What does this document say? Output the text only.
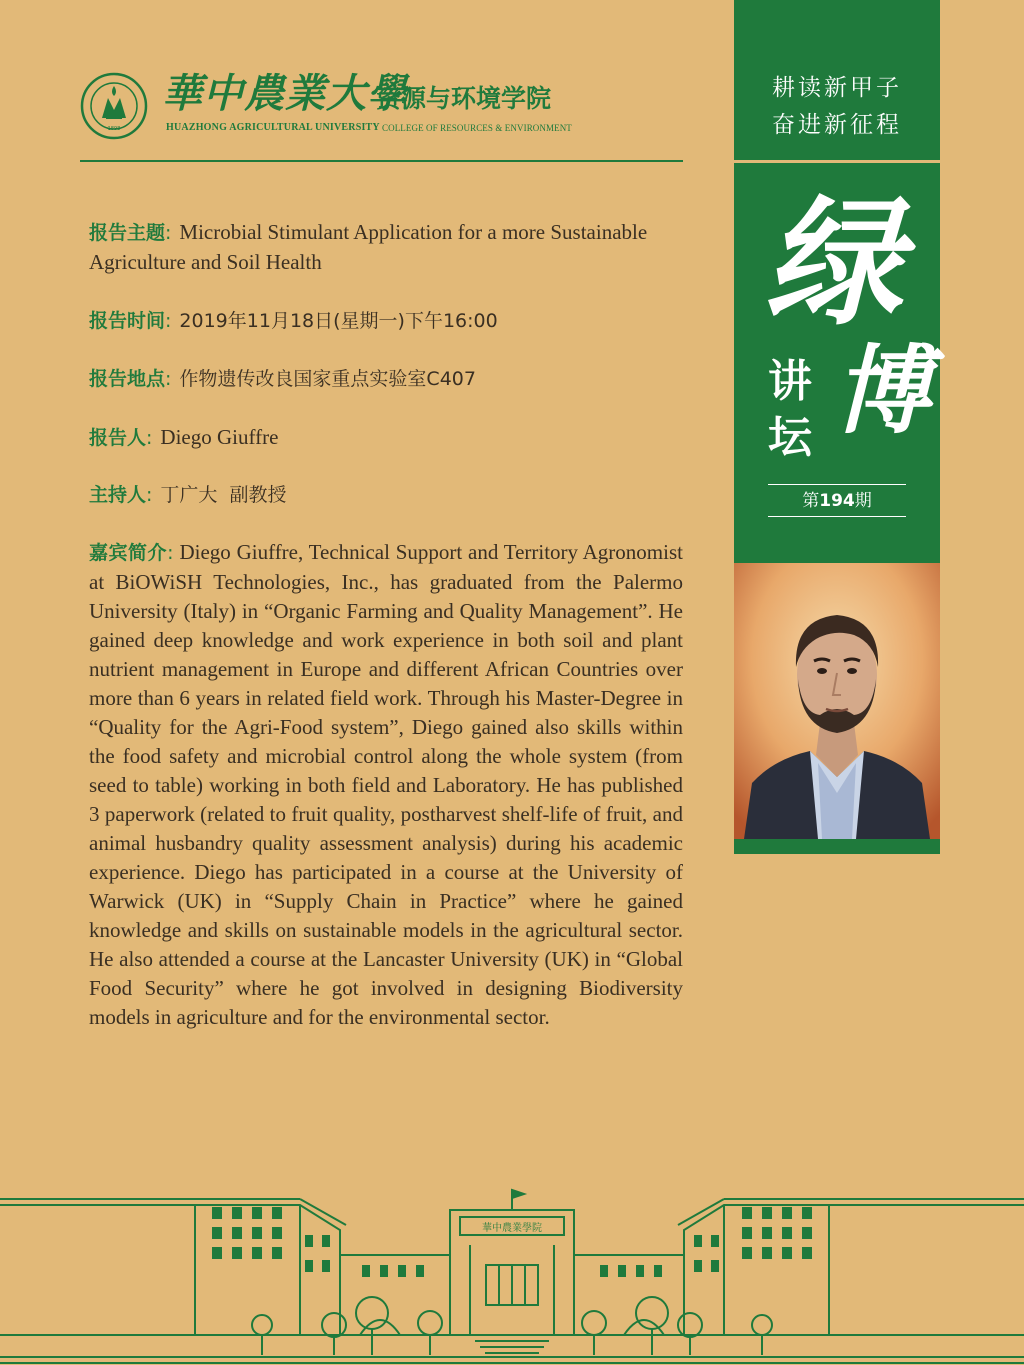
1898
華中農業大學
资源与环境学院
HUAZHONG AGRICULTURAL UNIVERSITY COLLEGE OF RESOURCES & ENVIRONMENT
报告主题: Microbial Stimulant Application for a more Sustainable Agriculture and Soil Health
报告时间: 2019年11月18日(星期一)下午16:00
报告地点: 作物遗传改良国家重点实验室C407
报告人: Diego Giuffre
主持人: 丁广大  副教授
嘉宾简介: Diego Giuffre, Technical Support and Territory Agronomist at BiOWiSH Technologies, Inc., has graduated from the Palermo University (Italy) in “Organic Farming and Quality Management”. He gained deep knowledge and work experience in both soil and plant nutrient management in Europe and different African Countries over more than 6 years in related field work. Through his Master-Degree in “Quality for the Agri-Food system”, Diego gained also skills within the food safety and microbial control along the whole system (from seed to table) working in both field and Laboratory. He has published 3 paperwork (related to fruit quality, postharvest shelf-life of fruit, and animal husbandry quality assessment analysis) during his academic experience. Diego has participated in a course at the University of Warwick (UK) in “Supply Chain in Practice” where he gained knowledge and skills on sustainable models in the agricultural sector. He also attended a course at the Lancaster University (UK) in “Global Food Security” where he got involved in designing Biodiversity models in agriculture and for the environmental sector.
耕读新甲子
奋进新征程
绿
讲
坛 博
第194期
華中農業學院
